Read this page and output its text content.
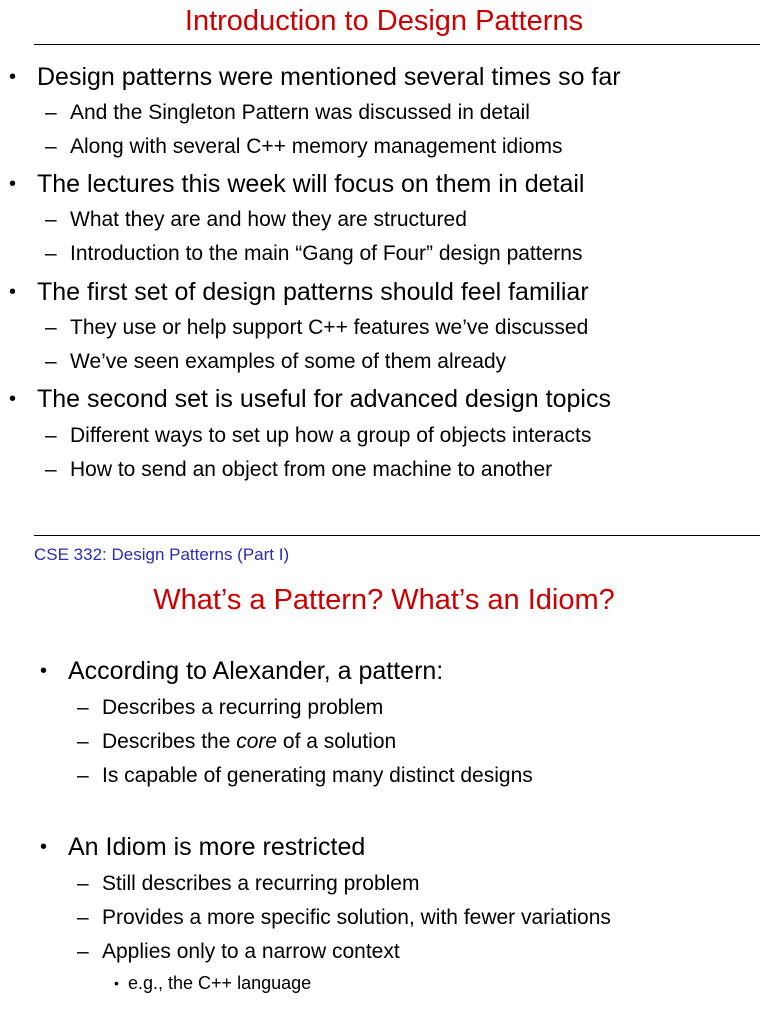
Introduction to Design Patterns
• Design patterns were mentioned several times so far
– And the Singleton Pattern was discussed in detail
– Along with several C++ memory management idioms
• The lectures this week will focus on them in detail
– What they are and how they are structured
– Introduction to the main “Gang of Four” design patterns
• The first set of design patterns should feel familiar
– They use or help support C++ features we’ve discussed
– We’ve seen examples of some of them already
• The second set is useful for advanced design topics
– Different ways to set up how a group of objects interacts
– How to send an object from one machine to another
CSE 332: Design Patterns (Part I)
What’s a Pattern? What’s an Idiom?
• According to Alexander, a pattern:
– Describes a recurring problem
– Describes the core of a solution
– Is capable of generating many distinct designs
• An Idiom is more restricted
– Still describes a recurring problem
– Provides a more specific solution, with fewer variations
– Applies only to a narrow context
• e.g., the C++ language
